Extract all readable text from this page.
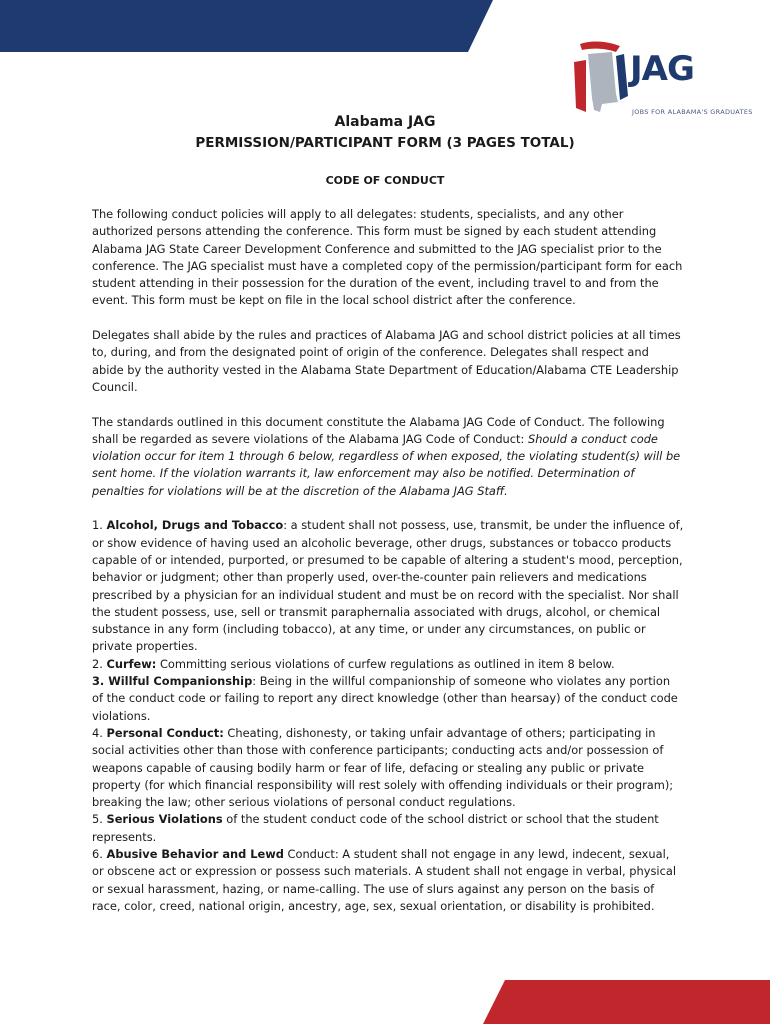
JAG
JOBS FOR ALABAMA'S GRADUATES
Alabama JAG
PERMISSION/PARTICIPANT FORM (3 PAGES TOTAL)
CODE OF CONDUCT

The following conduct policies will apply to all delegates: students, specialists, and any other authorized persons attending the conference. This form must be signed by each student attending Alabama JAG State Career Development Conference and submitted to the JAG specialist prior to the conference. The JAG specialist must have a completed copy of the permission/participant form for each student attending in their possession for the duration of the event, including travel to and from the event. This form must be kept on file in the local school district after the conference.

Delegates shall abide by the rules and practices of Alabama JAG and school district policies at all times to, during, and from the designated point of origin of the conference. Delegates shall respect and abide by the authority vested in the Alabama State Department of Education/Alabama CTE Leadership Council.

The standards outlined in this document constitute the Alabama JAG Code of Conduct. The following shall be regarded as severe violations of the Alabama JAG Code of Conduct: Should a conduct code violation occur for item 1 through 6 below, regardless of when exposed, the violating student(s) will be sent home. If the violation warrants it, law enforcement may also be notified. Determination of penalties for violations will be at the discretion of the Alabama JAG Staff.

1. Alcohol, Drugs and Tobacco: a student shall not possess, use, transmit, be under the influence of, or show evidence of having used an alcoholic beverage, other drugs, substances or tobacco products capable of or intended, purported, or presumed to be capable of altering a student's mood, perception, behavior or judgment; other than properly used, over-the-counter pain relievers and medications prescribed by a physician for an individual student and must be on record with the specialist. Nor shall the student possess, use, sell or transmit paraphernalia associated with drugs, alcohol, or chemical substance in any form (including tobacco), at any time, or under any circumstances, on public or private properties.

2. Curfew: Committing serious violations of curfew regulations as outlined in item 8 below.

3. Willful Companionship: Being in the willful companionship of someone who violates any portion of the conduct code or failing to report any direct knowledge (other than hearsay) of the conduct code violations.

4. Personal Conduct: Cheating, dishonesty, or taking unfair advantage of others; participating in social activities other than those with conference participants; conducting acts and/or possession of weapons capable of causing bodily harm or fear of life, defacing or stealing any public or private property (for which financial responsibility will rest solely with offending individuals or their program); breaking the law; other serious violations of personal conduct regulations.

5. Serious Violations of the student conduct code of the school district or school that the student represents.

6. Abusive Behavior and Lewd Conduct: A student shall not engage in any lewd, indecent, sexual, or obscene act or expression or possess such materials. A student shall not engage in verbal, physical or sexual harassment, hazing, or name-calling. The use of slurs against any person on the basis of race, color, creed, national origin, ancestry, age, sex, sexual orientation, or disability is prohibited.
